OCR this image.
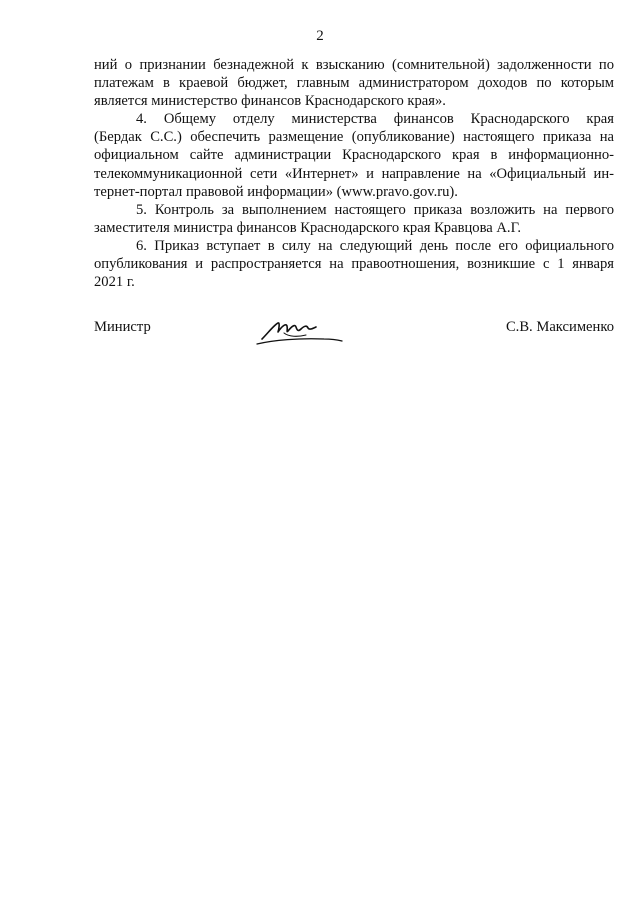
2

ний о признании безнадежной к взысканию (сомнительной) задолженности по
платежам в краевой бюджет, главным администратором доходов по которым
является министерство финансов Краснодарского края».

4. Общему отделу министерства финансов Краснодарского края
(Бердак С.С.) обеспечить размещение (опубликование) настоящего приказа на
официальном сайте администрации Краснодарского края в информационно-
телекоммуникационной сети «Интернет» и направление на «Официальный ин-
тернет-портал правовой информации» (www.pravo.gov.ru).

5. Контроль за выполнением настоящего приказа возложить на первого
заместителя министра финансов Краснодарского края Кравцова А.Г.

6. Приказ вступает в силу на следующий день после его официального
опубликования и распространяется на правоотношения, возникшие с 1 января
2021 г.

Министр	С.В. Максименко
